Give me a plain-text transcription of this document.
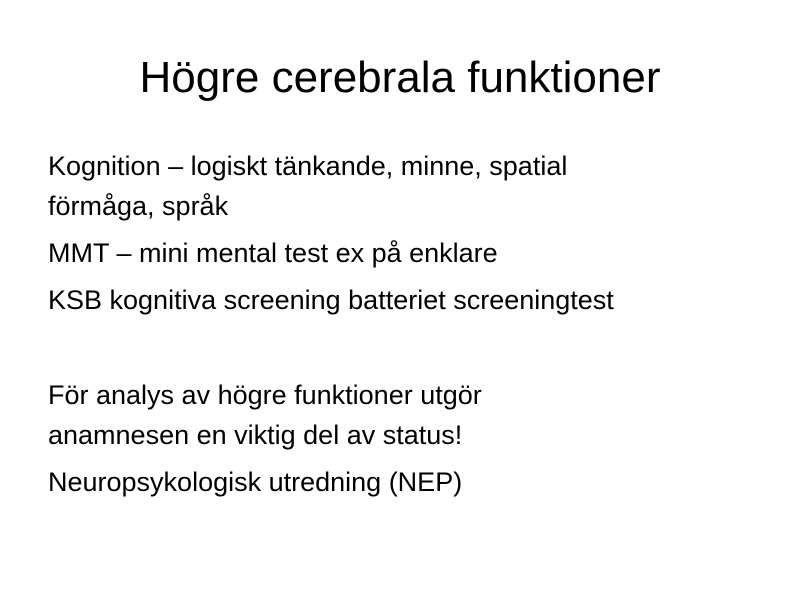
Högre cerebrala funktioner
Kognition – logiskt tänkande, minne, spatial
förmåga, språk
MMT – mini mental test ex på enklare
KSB kognitiva screening batteriet screeningtest
För analys av högre funktioner utgör
anamnesen en viktig del av status!
Neuropsykologisk utredning (NEP)
